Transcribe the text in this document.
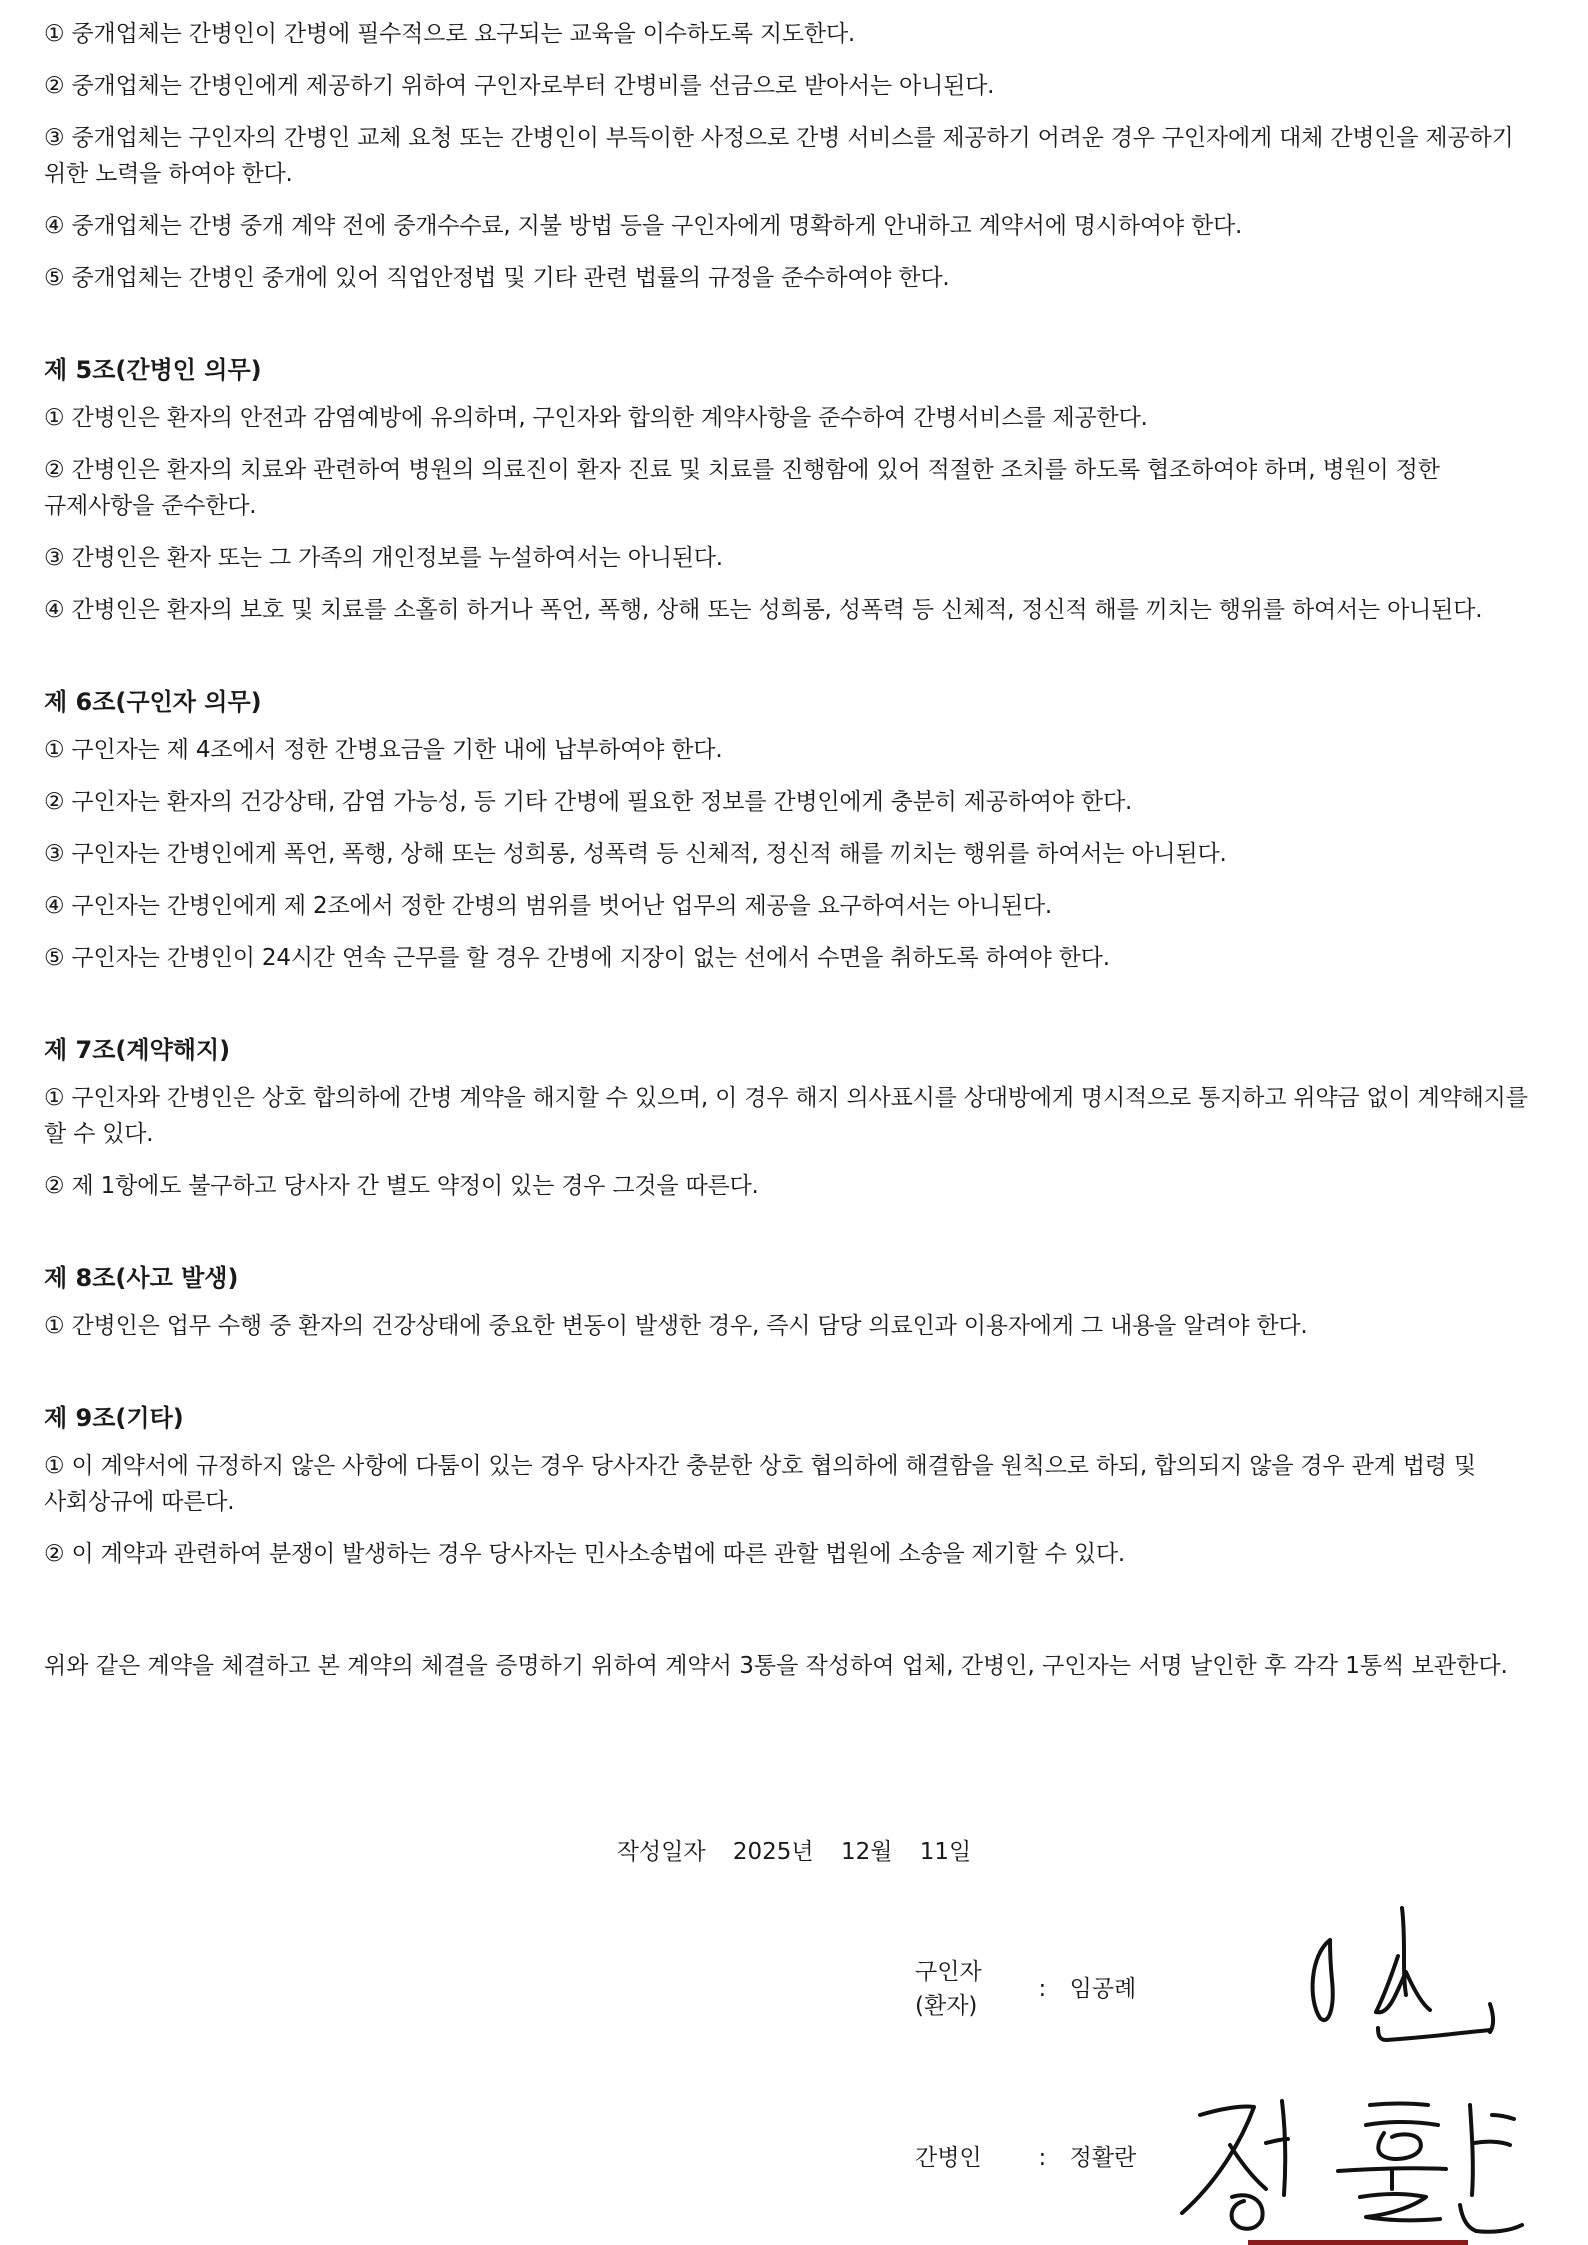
① 중개업체는 간병인이 간병에 필수적으로 요구되는 교육을 이수하도록 지도한다.

② 중개업체는 간병인에게 제공하기 위하여 구인자로부터 간병비를 선금으로 받아서는 아니된다.

③ 중개업체는 구인자의 간병인 교체 요청 또는 간병인이 부득이한 사정으로 간병 서비스를 제공하기 어려운 경우 구인자에게 대체 간병인을 제공하기 위한 노력을 하여야 한다.

④ 중개업체는 간병 중개 계약 전에 중개수수료, 지불 방법 등을 구인자에게 명확하게 안내하고 계약서에 명시하여야 한다.

⑤ 중개업체는 간병인 중개에 있어 직업안정법 및 기타 관련 법률의 규정을 준수하여야 한다.

제 5조(간병인 의무)

① 간병인은 환자의 안전과 감염예방에 유의하며, 구인자와 합의한 계약사항을 준수하여 간병서비스를 제공한다.

② 간병인은 환자의 치료와 관련하여 병원의 의료진이 환자 진료 및 치료를 진행함에 있어 적절한 조치를 하도록 협조하여야 하며, 병원이 정한 규제사항을 준수한다.

③ 간병인은 환자 또는 그 가족의 개인정보를 누설하여서는 아니된다.

④ 간병인은 환자의 보호 및 치료를 소홀히 하거나 폭언, 폭행, 상해 또는 성희롱, 성폭력 등 신체적, 정신적 해를 끼치는 행위를 하여서는 아니된다.

제 6조(구인자 의무)

① 구인자는 제 4조에서 정한 간병요금을 기한 내에 납부하여야 한다.

② 구인자는 환자의 건강상태, 감염 가능성, 등 기타 간병에 필요한 정보를 간병인에게 충분히 제공하여야 한다.

③ 구인자는 간병인에게 폭언, 폭행, 상해 또는 성희롱, 성폭력 등 신체적, 정신적 해를 끼치는 행위를 하여서는 아니된다.

④ 구인자는 간병인에게 제 2조에서 정한 간병의 범위를 벗어난 업무의 제공을 요구하여서는 아니된다.

⑤ 구인자는 간병인이 24시간 연속 근무를 할 경우 간병에 지장이 없는 선에서 수면을 취하도록 하여야 한다.

제 7조(계약해지)

① 구인자와 간병인은 상호 합의하에 간병 계약을 해지할 수 있으며, 이 경우 해지 의사표시를 상대방에게 명시적으로 통지하고 위약금 없이 계약해지를 할 수 있다.

② 제 1항에도 불구하고 당사자 간 별도 약정이 있는 경우 그것을 따른다.

제 8조(사고 발생)

① 간병인은 업무 수행 중 환자의 건강상태에 중요한 변동이 발생한 경우, 즉시 담당 의료인과 이용자에게 그 내용을 알려야 한다.

제 9조(기타)

① 이 계약서에 규정하지 않은 사항에 다툼이 있는 경우 당사자간 충분한 상호 협의하에 해결함을 원칙으로 하되, 합의되지 않을 경우 관계 법령 및 사회상규에 따른다.

② 이 계약과 관련하여 분쟁이 발생하는 경우 당사자는 민사소송법에 따른 관할 법원에 소송을 제기할 수 있다.

위와 같은 계약을 체결하고 본 계약의 체결을 증명하기 위하여 계약서 3통을 작성하여 업체, 간병인, 구인자는 서명 날인한 후 각각 1통씩 보관한다.

작성일자 2025년 12월 11일
구인자
(환자) : 임공례
간병인 : 정활란
